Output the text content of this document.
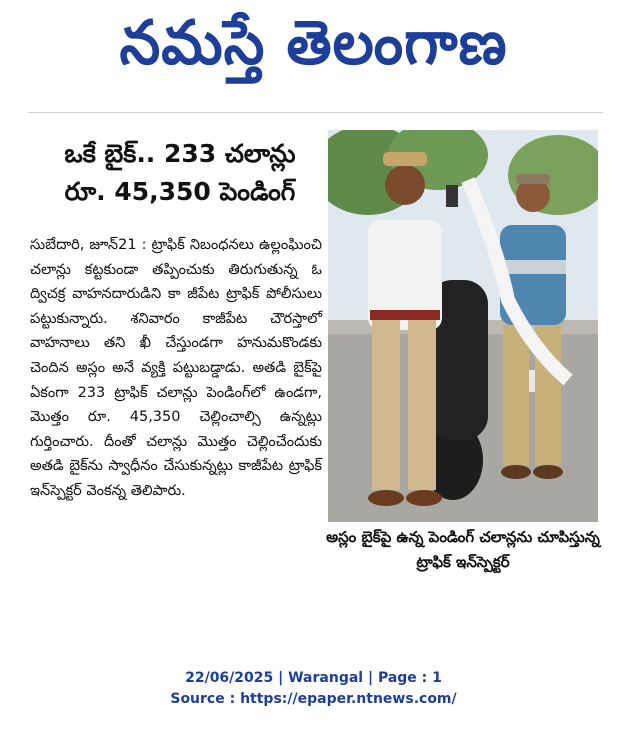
నమస్తే తెలంగాణ
ఒకే బైక్.. 233 చలాన్లు
రూ. 45,350 పెండింగ్
సుబేదారి, జూన్21 : ట్రాఫిక్ నిబంధనలు ఉల్లంఘించి చలాన్లు కట్టకుండా తప్పించుకు తిరుగుతున్న ఓ ద్విచక్ర వాహనదారుడిని కా జీపేట ట్రాఫిక్ పోలీసులు పట్టుకున్నారు. శనివారం కాజీపేట చౌరస్తాలో వాహనాలు తని ఖీ చేస్తుండగా హనుమకొండకు చెందిన అస్లం అనే వ్యక్తి పట్టుబడ్డాడు. అతడి బైక్‌పై ఏకంగా 233 ట్రాఫిక్ చలాన్లు పెండింగ్‌లో ఉండగా, మొత్తం రూ. 45,350 చెల్లించాల్సి ఉన్నట్లు గుర్తించారు. దీంతో చలాన్లు మొత్తం చెల్లించేందుకు అతడి బైక్‌ను స్వాధీనం చేసుకున్నట్లు కాజీపేట ట్రాఫిక్ ఇన్‌స్పెక్టర్ వెంకన్న తెలిపారు.
అస్లం బైక్‌పై ఉన్న పెండింగ్ చలాన్లను చూపిస్తున్న ట్రాఫిక్ ఇన్‌స్పెక్టర్
22/06/2025 | Warangal | Page : 1
Source : https://epaper.ntnews.com/
